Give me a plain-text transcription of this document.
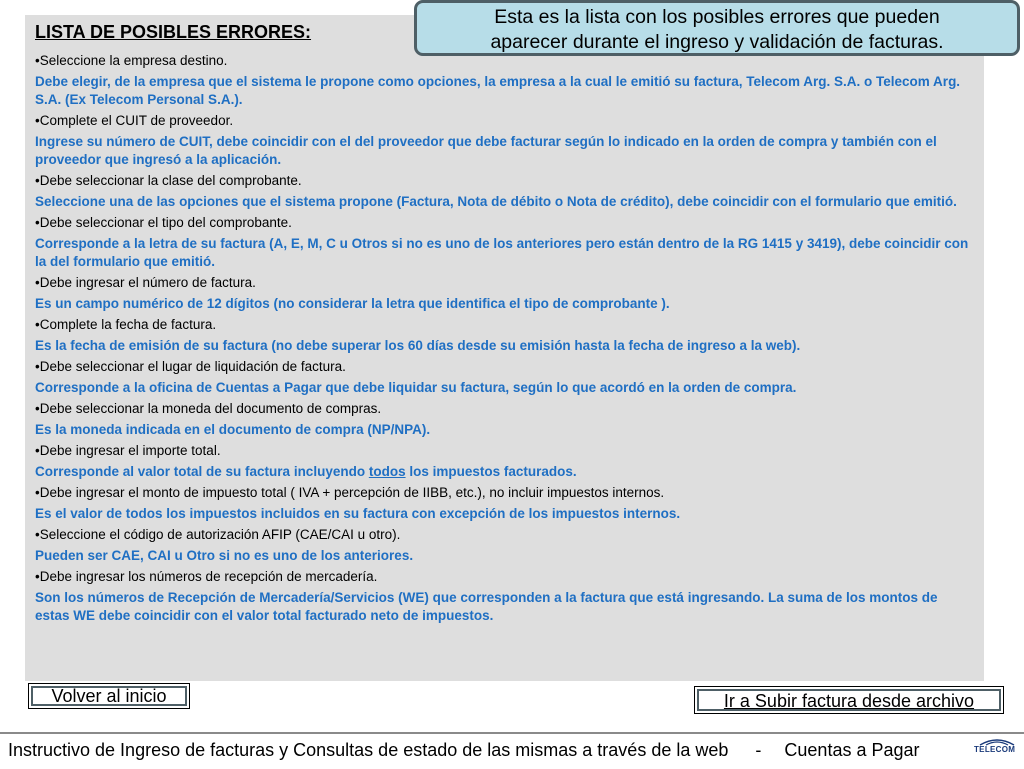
LISTA DE POSIBLES ERRORES:
Esta es la lista con los posibles errores que pueden
aparecer durante el ingreso y validación de facturas.
•Seleccione la empresa destino.
Debe elegir, de la empresa que el sistema le propone como opciones, la empresa a la cual le emitió su factura, Telecom Arg. S.A. o Telecom Arg. S.A. (Ex Telecom Personal S.A.).
•Complete el CUIT de proveedor.
Ingrese su número de CUIT, debe coincidir con el del proveedor que debe facturar según lo indicado en la orden de compra y también con el proveedor que ingresó a la aplicación.
•Debe seleccionar la clase del comprobante.
Seleccione una de las opciones que el sistema propone (Factura, Nota de débito o Nota de crédito), debe coincidir con el formulario que emitió.
•Debe seleccionar el tipo del comprobante.
Corresponde a la letra de su factura (A, E, M, C u Otros si no es uno de los anteriores pero están dentro de la RG 1415 y 3419), debe coincidir con la del formulario que emitió.
•Debe ingresar el número de factura.
Es un campo numérico de 12 dígitos (no considerar la letra que identifica el tipo de comprobante ).
•Complete la fecha de factura.
Es la fecha de emisión de su factura (no debe superar los 60 días desde su emisión hasta la fecha de ingreso a la web).
•Debe seleccionar el lugar de liquidación de factura.
Corresponde a la oficina de Cuentas a Pagar que debe liquidar su factura, según lo que acordó en la orden de compra.
•Debe seleccionar la moneda del documento de compras.
Es la moneda indicada en el documento de compra (NP/NPA).
•Debe ingresar el importe total.
Corresponde al valor total de su factura incluyendo todos los impuestos facturados.
•Debe ingresar el monto de impuesto total ( IVA + percepción de IIBB, etc.), no incluir impuestos internos.
Es el valor de todos los impuestos incluidos en su factura con excepción de los impuestos internos.
•Seleccione el código de autorización AFIP (CAE/CAI u otro).
Pueden ser CAE, CAI u Otro si no es uno de los anteriores.
•Debe ingresar los números de recepción de mercadería.
Son los números de Recepción de Mercadería/Servicios (WE) que corresponden a la factura que está ingresando. La suma de los montos de estas WE debe coincidir con el valor total facturado neto de impuestos.
Volver al inicio	Ir a Subir factura desde archivo
Instructivo de Ingreso de facturas y Consultas de estado de las mismas a través de la web - Cuentas a Pagar	TELECOM
